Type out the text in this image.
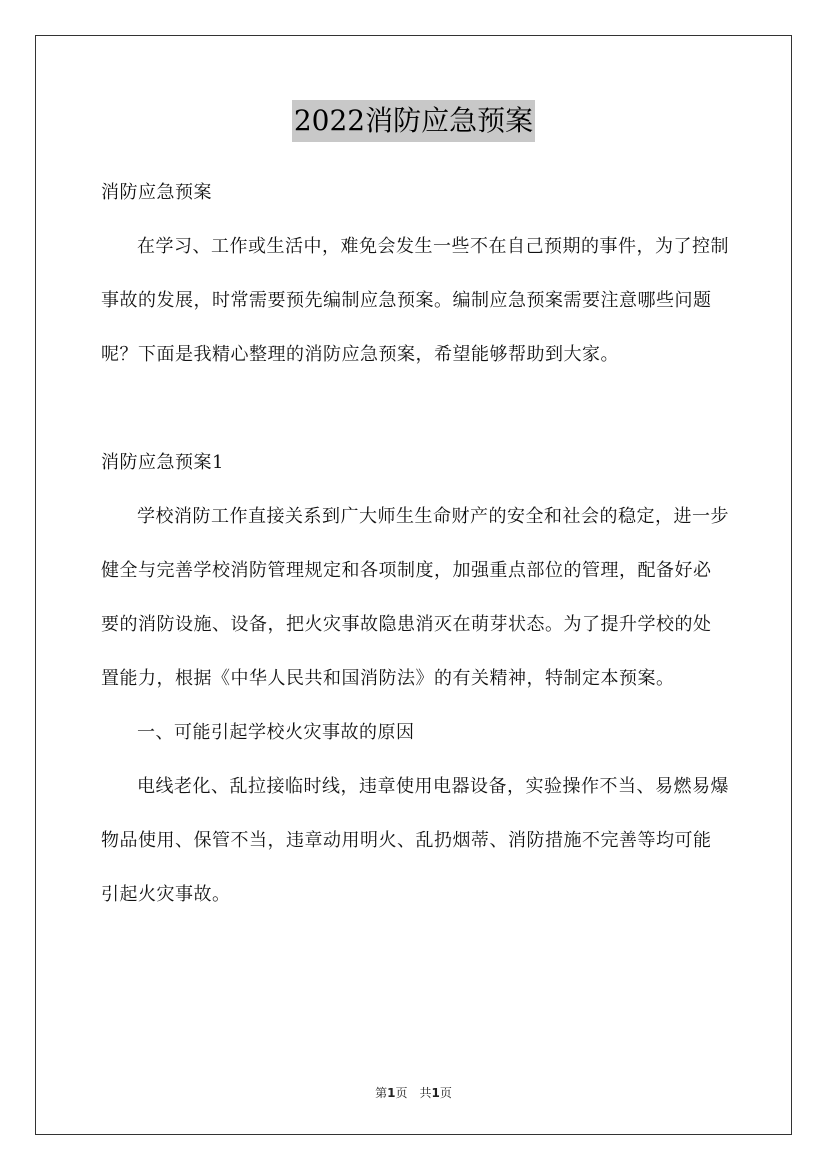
2022消防应急预案

消防应急预案

在学习、工作或生活中，难免会发生一些不在自己预期的事件，为了控制事故的发展，时常需要预先编制应急预案。编制应急预案需要注意哪些问题呢？下面是我精心整理的消防应急预案，希望能够帮助到大家。

消防应急预案1

学校消防工作直接关系到广大师生生命财产的安全和社会的稳定，进一步健全与完善学校消防管理规定和各项制度，加强重点部位的管理，配备好必要的消防设施、设备，把火灾事故隐患消灭在萌芽状态。为了提升学校的处置能力，根据《中华人民共和国消防法》的有关精神，特制定本预案。

一、可能引起学校火灾事故的原因

电线老化、乱拉接临时线，违章使用电器设备，实验操作不当、易燃易爆物品使用、保管不当，违章动用明火、乱扔烟蒂、消防措施不完善等均可能引起火灾事故。

第1页　共1页
